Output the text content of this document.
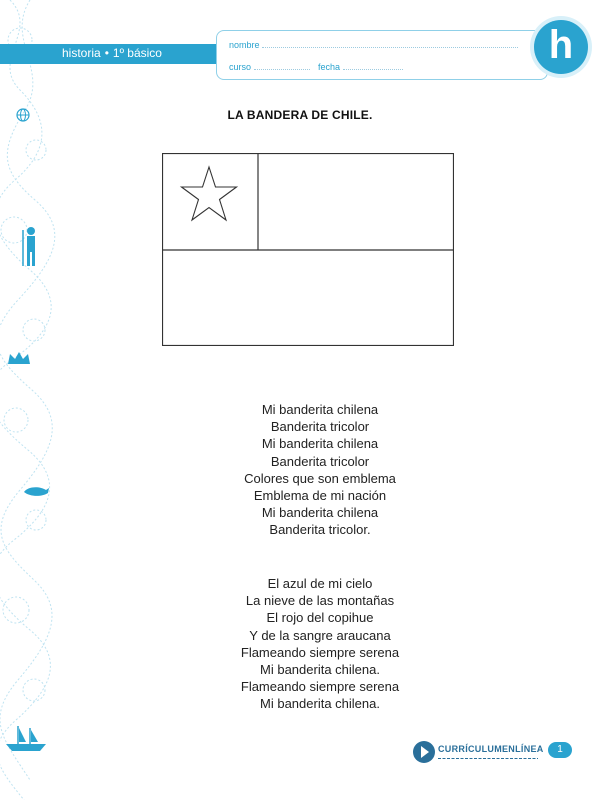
historia • 1º básico
nombre
curso	fecha	h
LA BANDERA DE CHILE.
Mi banderita chilena
Banderita tricolor
Mi banderita chilena
Banderita tricolor
Colores que son emblema
Emblema de mi nación
Mi banderita chilena
Banderita tricolor.
El azul de mi cielo
La nieve de las montañas
El rojo del copihue
Y de la sangre araucana
Flameando siempre serena
Mi banderita chilena.
Flameando siempre serena
Mi banderita chilena.
CURRÍCULUMENLÍNEA	1
